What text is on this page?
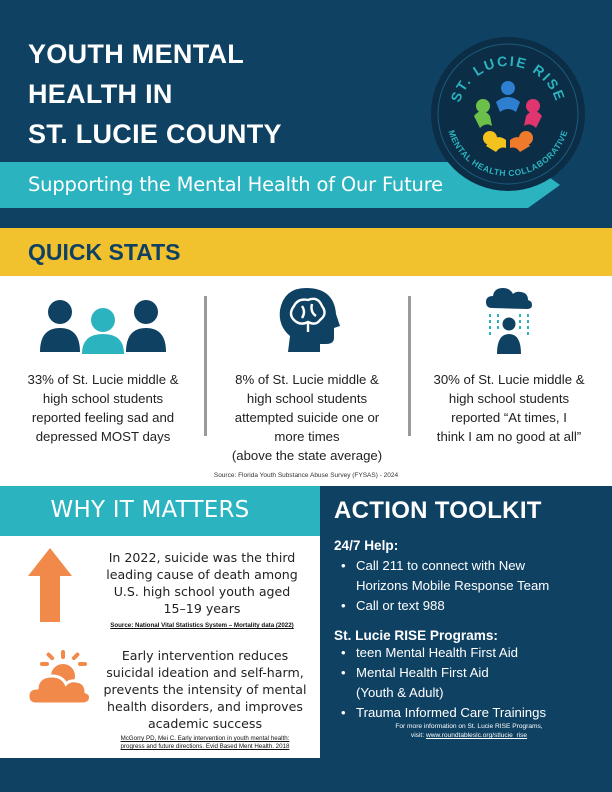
YOUTH MENTAL
HEALTH IN
ST. LUCIE COUNTY
Supporting the Mental Health of Our Future
ST. LUCIE RISE
MENTAL HEALTH COLLABORATIVE
QUICK STATS
33% of St. Lucie middle &
high school students
reported feeling sad and
depressed MOST days
8% of St. Lucie middle &
high school students
attempted suicide one or
more times
(above the state average)
30% of St. Lucie middle &
high school students
reported “At times, I
think I am no good at all”
Source: Florida Youth Substance Abuse Survey (FYSAS) - 2024
WHY IT MATTERS
In 2022, suicide was the third
leading cause of death among
U.S. high school youth aged
15–19 years
Source: National Vital Statistics System – Mortality data (2022)
Early intervention reduces
suicidal ideation and self-harm,
prevents the intensity of mental
health disorders, and improves
academic success
McGorry PD, Mei C. Early intervention in youth mental health:
progress and future directions. Evid Based Ment Health. 2018
ACTION TOOLKIT
24/7 Help:
• Call 211 to connect with New
Horizons Mobile Response Team
• Call or text 988
St. Lucie RISE Programs:
• teen Mental Health First Aid
• Mental Health First Aid
(Youth & Adult)
• Trauma Informed Care Trainings
For more information on St. Lucie RISE Programs,
visit: www.roundtableslc.org/stlucie_rise
